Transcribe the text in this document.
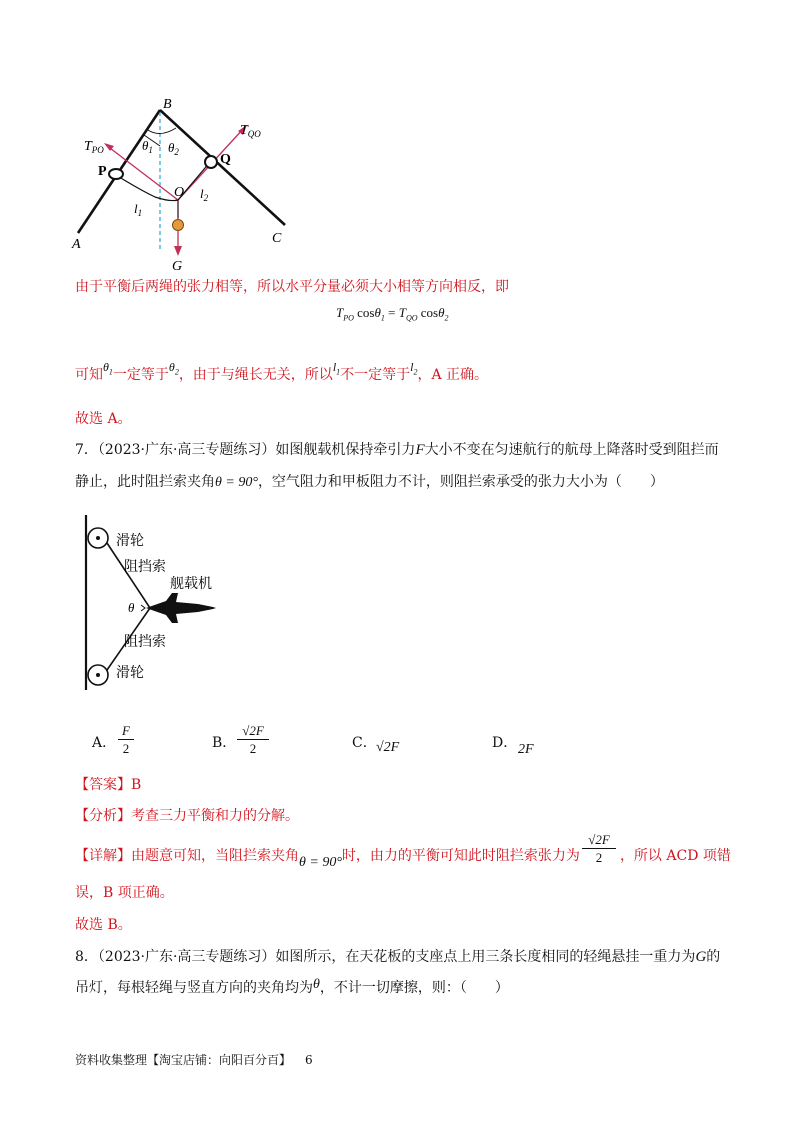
B
P
Q
O
A	C
G
$\theta_1$ $\theta_2$
$l_1$
$l_2$
$T_{PO}$
$T_{QO}$
由于平衡后两绳的张力相等，所以水平分量必须大小相等方向相反，即
$T_{PO}$ $\cos\theta_1 = T_{QO}$ cosθ$_2$
可知$\theta_1$一定等于$\theta_2$，由于与绳长无关，所以$l_1$不一定等于$l_2$，A 正确。
故选 A。
7．（2023·广东·高三专题练习）如图舰载机保持牵引力F大小不变在匀速航行的航母上降落时受到阻拦而
静止，此时阻拦索夹角θ = 90°，空气阻力和甲板阻力不计，则阻拦索承受的张力大小为（　　）
滑轮
阻挡索
舰载机
θ
阻挡索
滑轮
A．
F
2	B．
√2F
2	C． √2F	D． 2F
【答案】B
【分析】考查三力平衡和力的分解。
【详解】由题意可知，当阻拦索夹角θ = 90°时，由力的平衡可知此时阻拦索张力为	，所以 ACD 项错
√2F
2
误，B 项正确。
故选 B。
8．（2023·广东·高三专题练习）如图所示，在天花板的支座点上用三条长度相同的轻绳悬挂一重力为G的
吊灯，每根轻绳与竖直方向的夹角均为θ，不计一切摩擦，则：（　　）
资料收集整理【淘宝店铺：向阳百分百】 6
